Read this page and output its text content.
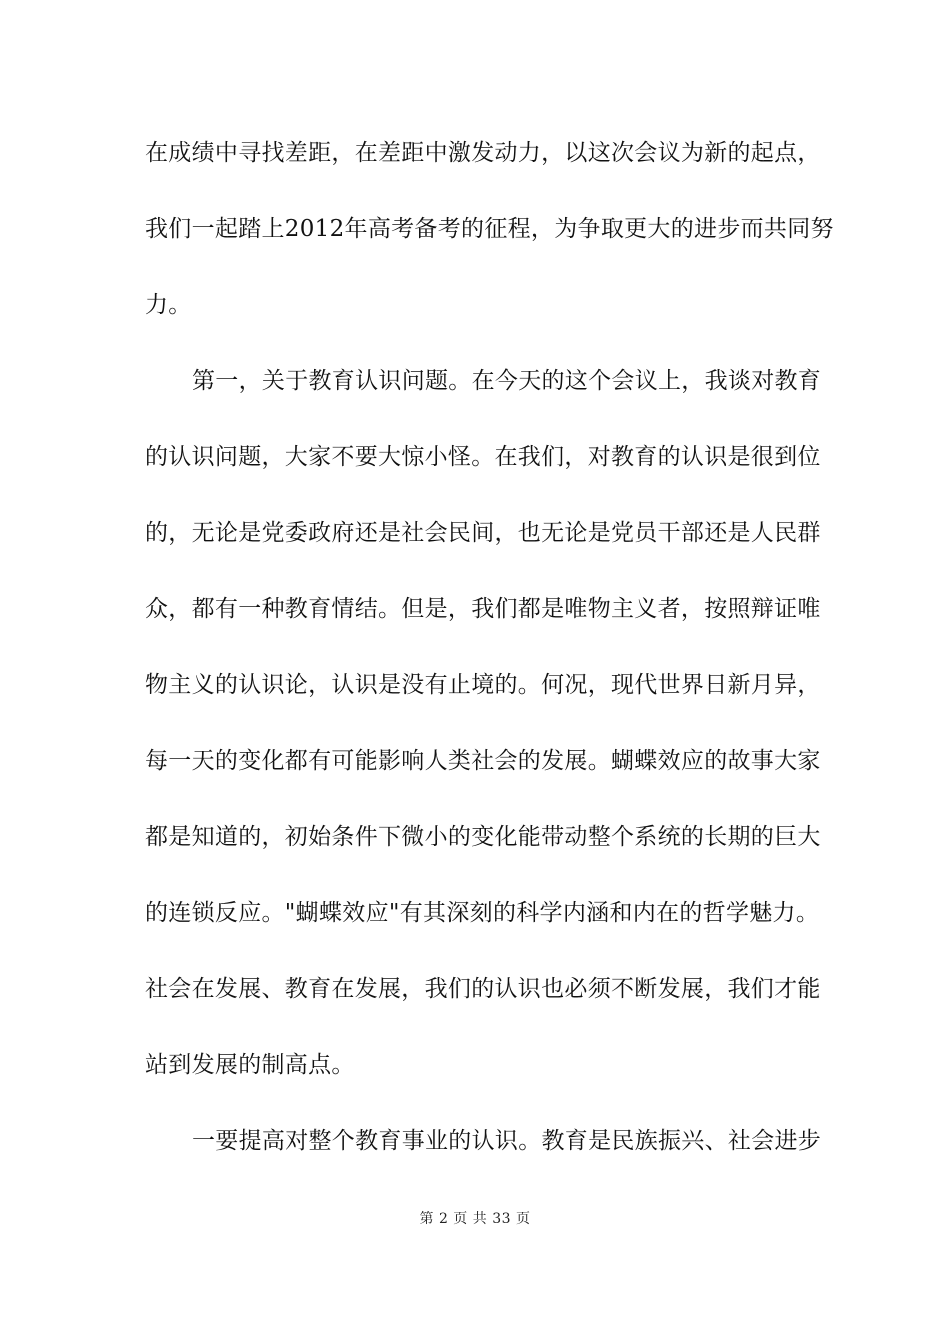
在成绩中寻找差距，在差距中激发动力，以这次会议为新的起点，
我们一起踏上2012年高考备考的征程，为争取更大的进步而共同努
力。
第一，关于教育认识问题。在今天的这个会议上，我谈对教育
的认识问题，大家不要大惊小怪。在我们，对教育的认识是很到位
的，无论是党委政府还是社会民间，也无论是党员干部还是人民群
众，都有一种教育情结。但是，我们都是唯物主义者，按照辩证唯
物主义的认识论，认识是没有止境的。何况，现代世界日新月异，
每一天的变化都有可能影响人类社会的发展。蝴蝶效应的故事大家
都是知道的，初始条件下微小的变化能带动整个系统的长期的巨大
的连锁反应。"蝴蝶效应"有其深刻的科学内涵和内在的哲学魅力。
社会在发展、教育在发展，我们的认识也必须不断发展，我们才能
站到发展的制高点。
一要提高对整个教育事业的认识。教育是民族振兴、社会进步
第 2 页 共 33 页
